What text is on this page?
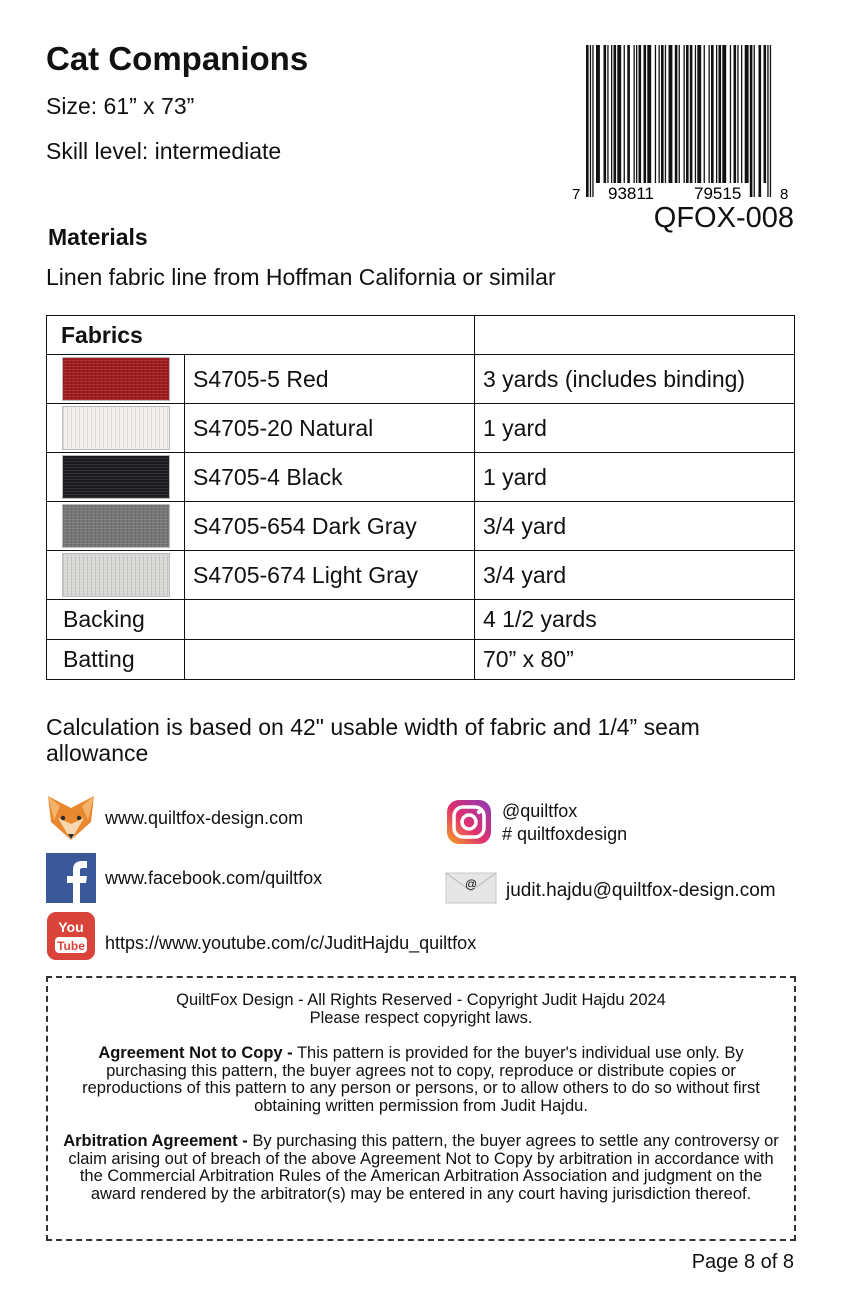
Cat Companions
Size: 61” x 73”
Skill level: intermediate
7 93811 79515	8
QFOX-008
Materials
Linen fabric line from Hoffman California or similar
Fabrics		

	S4705-5 Red	3 yards (includes binding)

	S4705-20 Natural	1 yard

	S4705-4 Black	1 yard

	S4705-654 Dark Gray	3/4 yard

	S4705-674 Light Gray	3/4 yard
Backing		4 1/2 yards
Batting		70” x 80”
Calculation is based on 42" usable width of fabric and 1/4” seam allowance
www.quiltfox-design.com	@quiltfox
# quiltfoxdesign
www.facebook.com/quiltfox	@ judit.hajdu@quiltfox-design.com
You
Tube https://www.youtube.com/c/JuditHajdu_quiltfox

QuiltFox Design - All Rights Reserved - Copyright Judit Hajdu 2024

Please respect copyright laws.

Agreement Not to Copy - This pattern is provided for the buyer's individual use only. By purchasing this pattern, the buyer agrees not to copy, reproduce or distribute copies or reproductions of this pattern to any person or persons, or to allow others to do so without first obtaining written permission from Judit Hajdu.

Arbitration Agreement - By purchasing this pattern, the buyer agrees to settle any controversy or claim arising out of breach of the above Agreement Not to Copy by arbitration in accordance with the Commercial Arbitration Rules of the American Arbitration Association and judgment on the award rendered by the arbitrator(s) may be entered in any court having jurisdiction thereof.

Page 8 of 8
